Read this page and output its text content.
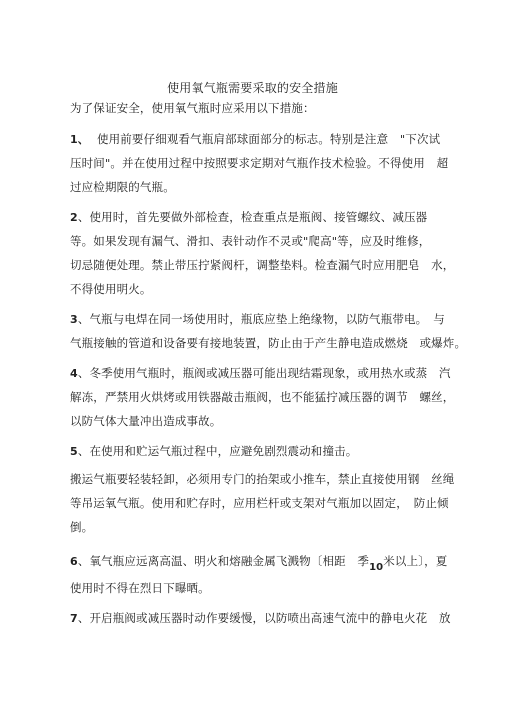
使用氧气瓶需要采取的安全措施
为了保证安全，使用氧气瓶时应采用以下措施：
1、 使用前要仔细观看气瓶肩部球面部分的标志。特别是注意　"下次试
压时间"。并在使用过程中按照要求定期对气瓶作技术检验。不得使用　超
过应检期限的气瓶。
2、使用时，首先要做外部检查，检查重点是瓶阀、接管螺纹、减压器
等。如果发现有漏气、滑扣、表针动作不灵或"爬高"等，应及时维修，
切忌随便处理。禁止带压拧紧阀杆，调整垫料。检查漏气时应用肥皂　水，
不得使用明火。
3、气瓶与电焊在同一场使用时，瓶底应垫上绝缘物，以防气瓶带电。　与
气瓶接触的管道和设备要有接地装置，防止由于产生静电造成燃烧　或爆炸。
4、冬季使用气瓶时，瓶阀或减压器可能出现结霜现象，或用热水或蒸　汽
解冻，严禁用火烘烤或用铁器敲击瓶阀，也不能猛拧减压器的调节　螺丝，
以防气体大量冲出造成事故。
5、在使用和贮运气瓶过程中，应避免剧烈震动和撞击。
搬运气瓶要轻装轻卸，必须用专门的抬架或小推车，禁止直接使用钢　丝绳
等吊运氧气瓶。使用和贮存时，应用栏杆或支架对气瓶加以固定，　防止倾
倒。
6、氧气瓶应远离高温、明火和熔融金属飞溅物〔相距　季10米以上〕，夏
使用时不得在烈日下曝晒。
7、开启瓶阀或减压器时动作要缓慢，以防喷出高速气流中的静电火花　放
